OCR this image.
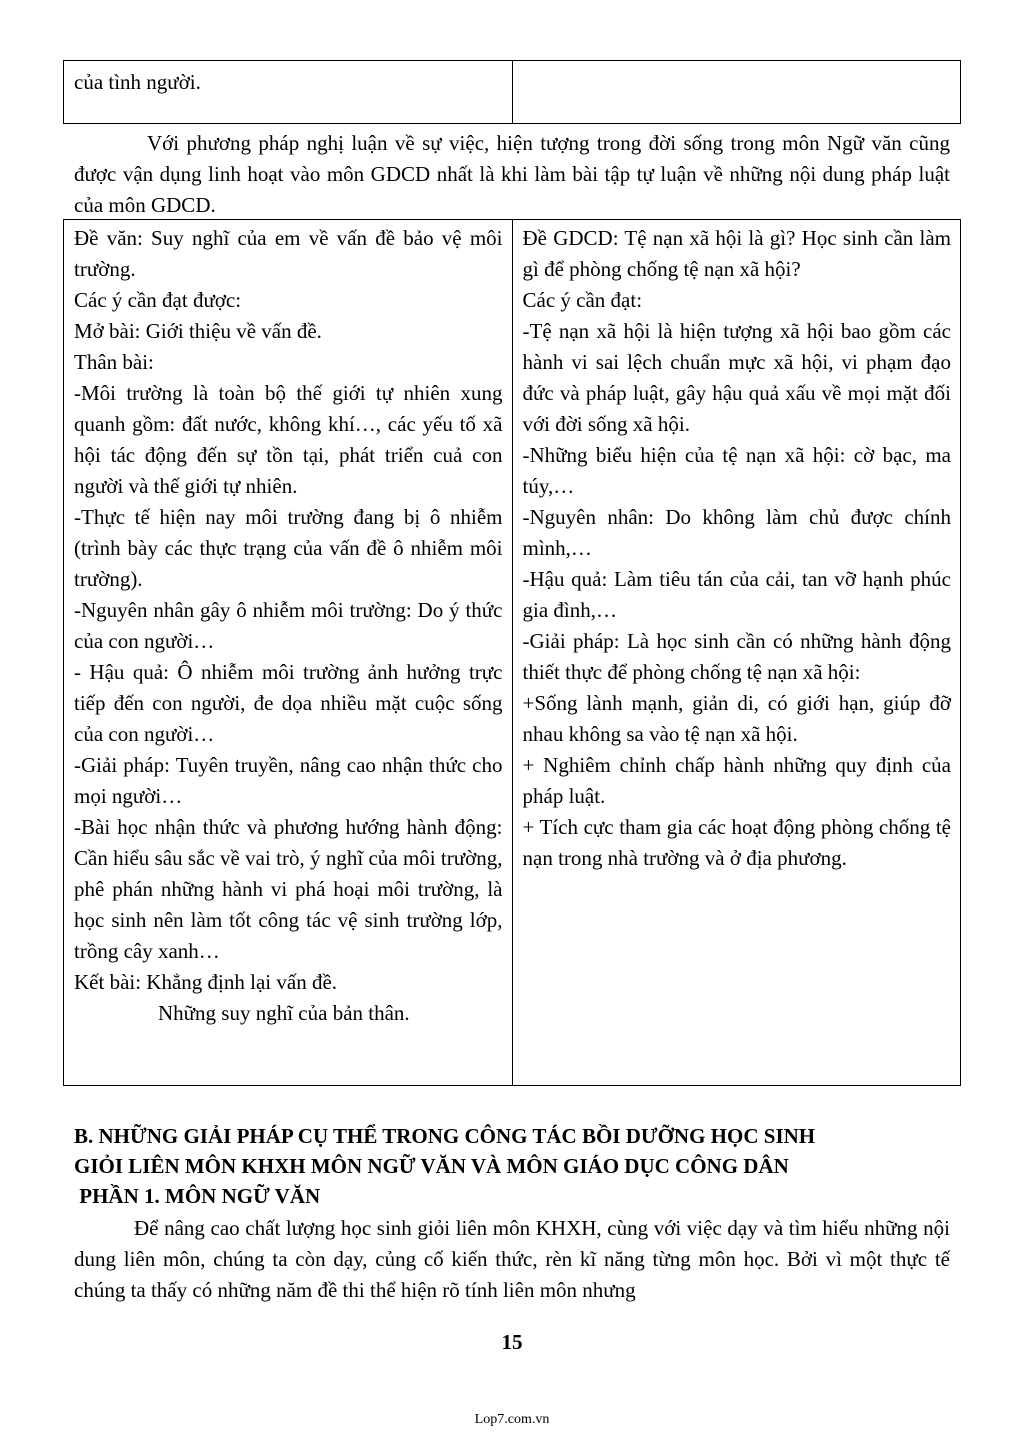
của tình người.	

Với phương pháp nghị luận về sự việc, hiện tượng trong đời sống trong môn Ngữ văn cũng được vận dụng linh hoạt vào môn GDCD nhất là khi làm bài tập tự luận về những nội dung pháp luật của môn GDCD.

Đề văn: Suy nghĩ của em về vấn đề bảo vệ môi trường.

Các ý cần đạt được:

Mở bài: Giới thiệu về vấn đề.

Thân bài:

-Môi trường là toàn bộ thế giới tự nhiên xung quanh gồm: đất nước, không khí…, các yếu tố xã hội tác động đến sự tồn tại, phát triển cuả con người và thế giới tự nhiên.

-Thực tế hiện nay môi trường đang bị ô nhiễm (trình bày các thực trạng của vấn đề ô nhiễm môi trường).

-Nguyên nhân gây ô nhiễm môi trường: Do ý thức của con người…

- Hậu quả: Ô nhiễm môi trường ảnh hưởng trực tiếp đến con người, đe dọa nhiều mặt cuộc sống của con người…

-Giải pháp: Tuyên truyền, nâng cao nhận thức cho mọi người…

-Bài học nhận thức và phương hướng hành động: Cần hiểu sâu sắc về vai trò, ý nghĩ của môi trường, phê phán những hành vi phá hoại môi trường, là học sinh nên làm tốt công tác vệ sinh trường lớp, trồng cây xanh…

Kết bài: Khẳng định lại vấn đề.

Những suy nghĩ của bản thân.

Đề GDCD: Tệ nạn xã hội là gì? Học sinh cần làm gì để phòng chống tệ nạn xã hội?

Các ý cần đạt:

-Tệ nạn xã hội là hiện tượng xã hội bao gồm các hành vi sai lệch chuẩn mực xã hội, vi phạm đạo đức và pháp luật, gây hậu quả xấu về mọi mặt đối với đời sống xã hội.

-Những biểu hiện của tệ nạn xã hội: cờ bạc, ma túy,…

-Nguyên nhân: Do không làm chủ được chính mình,…

-Hậu quả: Làm tiêu tán của cải, tan vỡ hạnh phúc gia đình,…

-Giải pháp: Là học sinh cần có những hành động thiết thực để phòng chống tệ nạn xã hội:

+Sống lành mạnh, giản di, có giới hạn, giúp đỡ nhau không sa vào tệ nạn xã hội.

+ Nghiêm chỉnh chấp hành những quy định của pháp luật.

+ Tích cực tham gia các hoạt động phòng chống tệ nạn trong nhà trường và ở địa phương.

B. NHỮNG GIẢI PHÁP CỤ THỂ TRONG CÔNG TÁC BỒI DƯỠNG HỌC SINH
GIỎI LIÊN MÔN KHXH MÔN NGỮ VĂN VÀ MÔN GIÁO DỤC CÔNG DÂN
PHẦN 1. MÔN NGỮ VĂN

Để nâng cao chất lượng học sinh giỏi liên môn KHXH, cùng với việc dạy và tìm hiểu những nội dung liên môn, chúng ta còn dạy, củng cố kiến thức, rèn kĩ năng từng môn học. Bởi vì một thực tế chúng ta thấy có những năm đề thi thể hiện rõ tính liên môn nhưng

15
Lop7.com.vn
